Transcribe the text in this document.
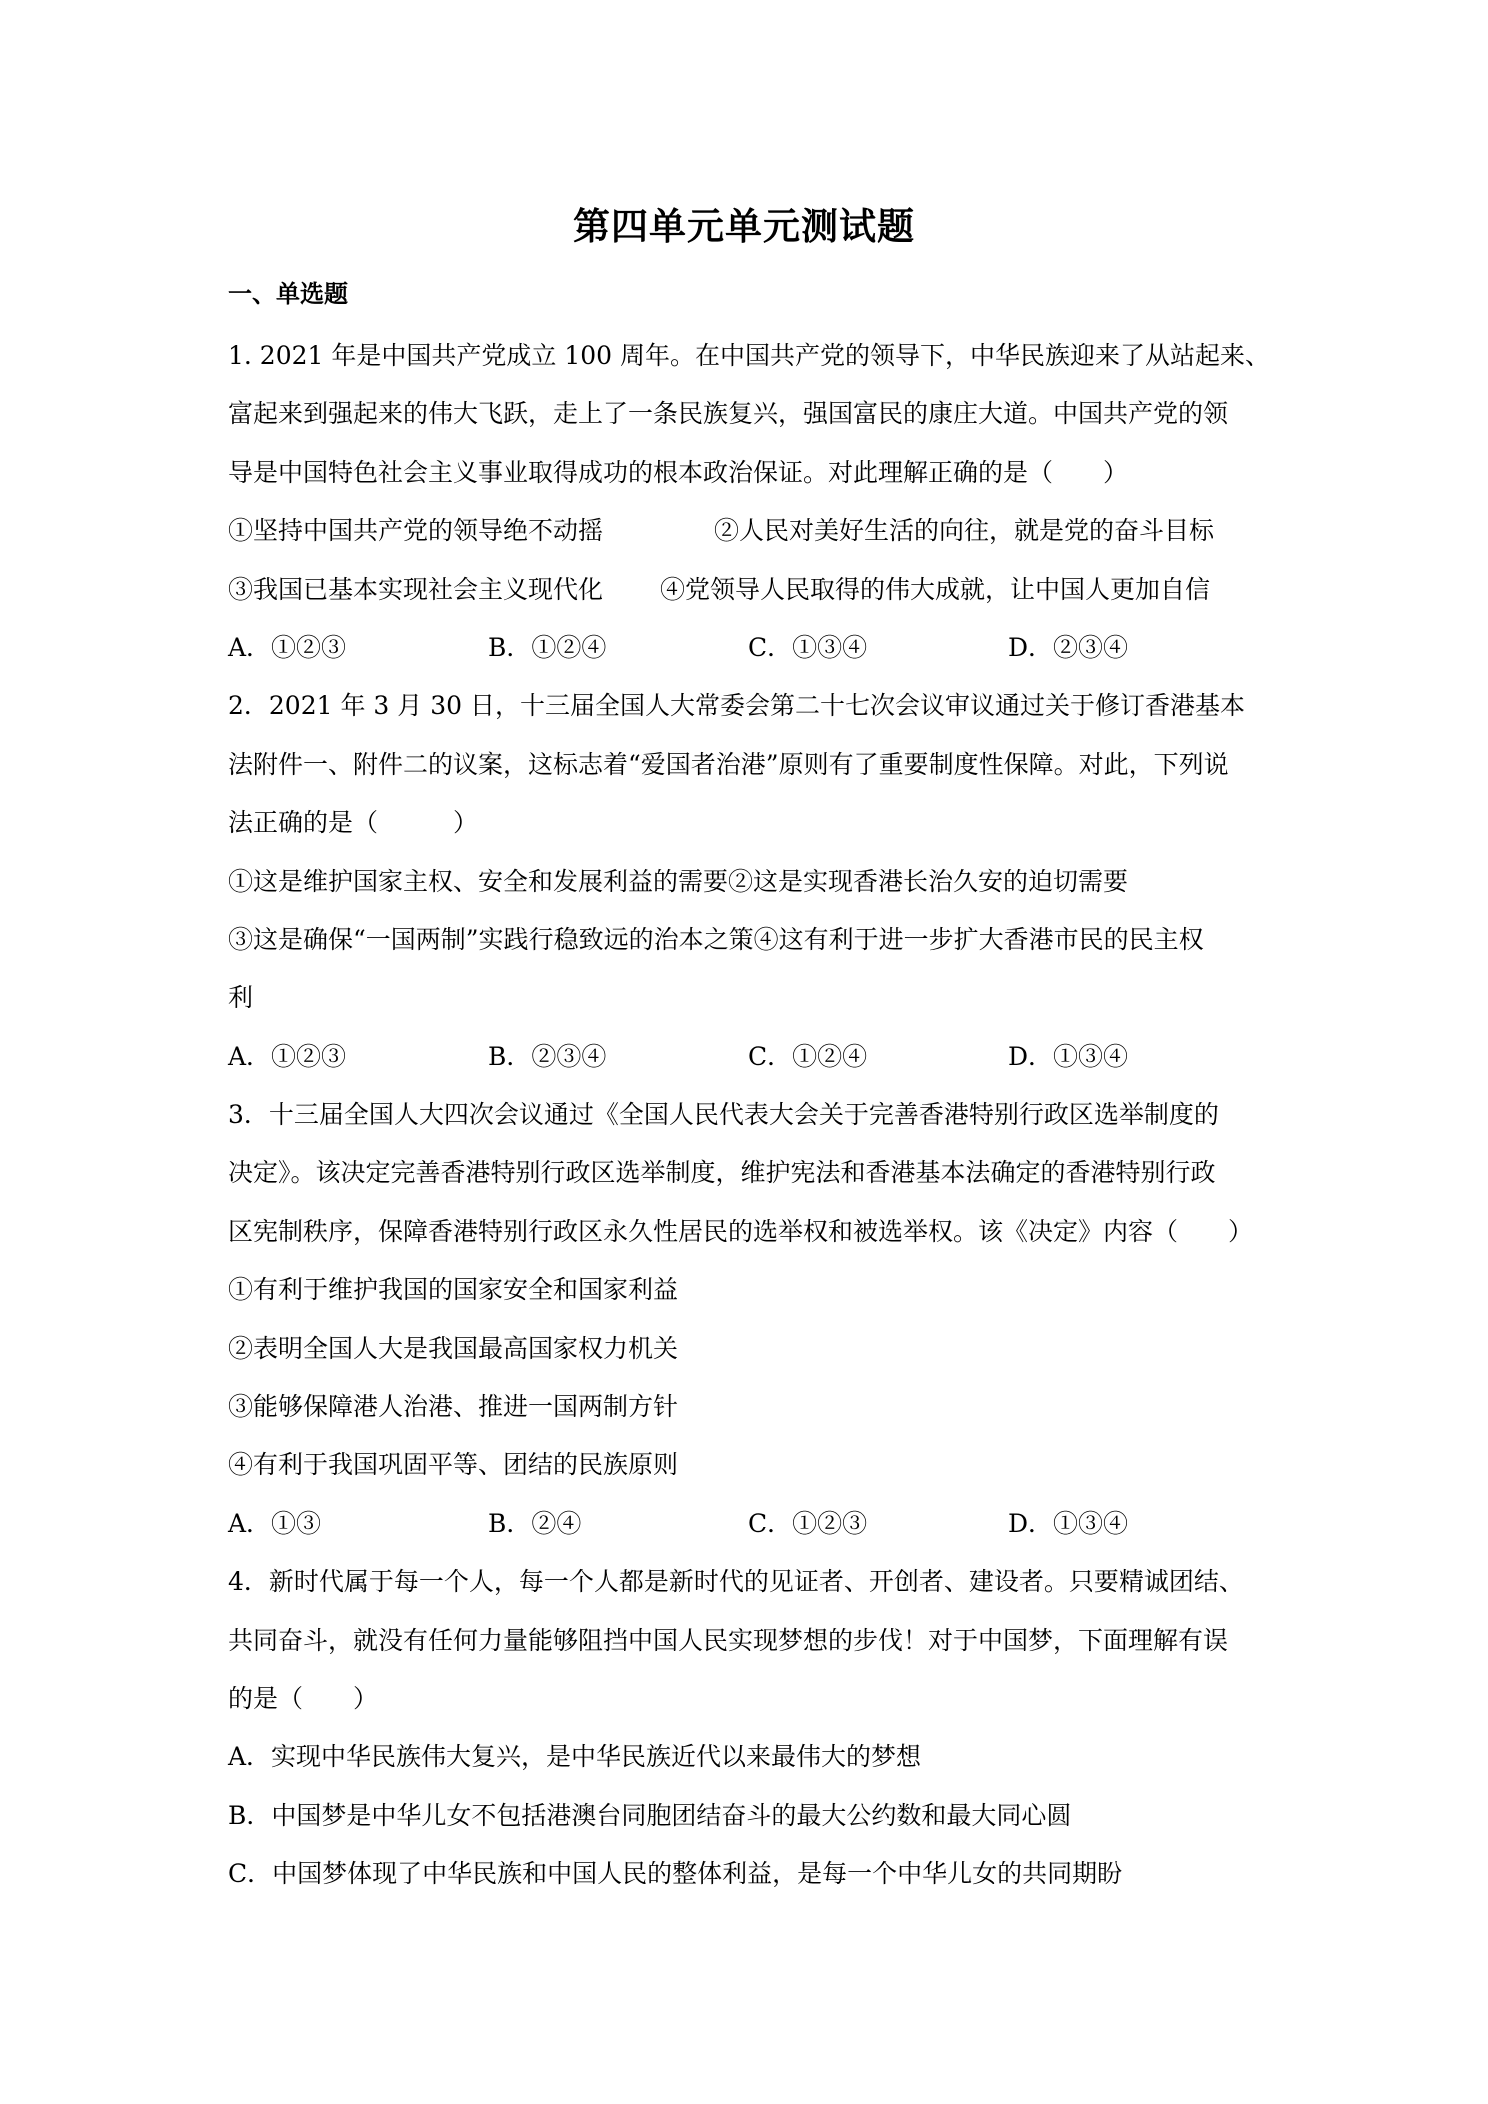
第四单元单元测试题
一、单选题
1. 2021 年是中国共产党成立 100 周年。在中国共产党的领导下，中华民族迎来了从站起来、
富起来到强起来的伟大飞跃，走上了一条民族复兴，强国富民的康庄大道。中国共产党的领
导是中国特色社会主义事业取得成功的根本政治保证。对此理解正确的是（　　）
①坚持中国共产党的领导绝不动摇	②人民对美好生活的向往，就是党的奋斗目标
③我国已基本实现社会主义现代化 ④党领导人民取得的伟大成就，让中国人更加自信
A．①②③	B．①②④	C．①③④	D．②③④
2．2021 年 3 月 30 日，十三届全国人大常委会第二十七次会议审议通过关于修订香港基本
法附件一、附件二的议案，这标志着“爱国者治港”原则有了重要制度性保障。对此，下列说
法正确的是（　　　）
①这是维护国家主权、安全和发展利益的需要②这是实现香港长治久安的迫切需要
③这是确保“一国两制”实践行稳致远的治本之策④这有利于进一步扩大香港市民的民主权
利
A．①②③	B．②③④	C．①②④	D．①③④
3．十三届全国人大四次会议通过《全国人民代表大会关于完善香港特别行政区选举制度的
决定》。该决定完善香港特别行政区选举制度，维护宪法和香港基本法确定的香港特别行政
区宪制秩序，保障香港特别行政区永久性居民的选举权和被选举权。该《决定》内容（　　）
①有利于维护我国的国家安全和国家利益
②表明全国人大是我国最高国家权力机关
③能够保障港人治港、推进一国两制方针
④有利于我国巩固平等、团结的民族原则
A．①③	B．②④	C．①②③	D．①③④
4．新时代属于每一个人，每一个人都是新时代的见证者、开创者、建设者。只要精诚团结、
共同奋斗，就没有任何力量能够阻挡中国人民实现梦想的步伐！对于中国梦，下面理解有误
的是（　　）
A．实现中华民族伟大复兴，是中华民族近代以来最伟大的梦想
B．中国梦是中华儿女不包括港澳台同胞团结奋斗的最大公约数和最大同心圆
C．中国梦体现了中华民族和中国人民的整体利益，是每一个中华儿女的共同期盼
